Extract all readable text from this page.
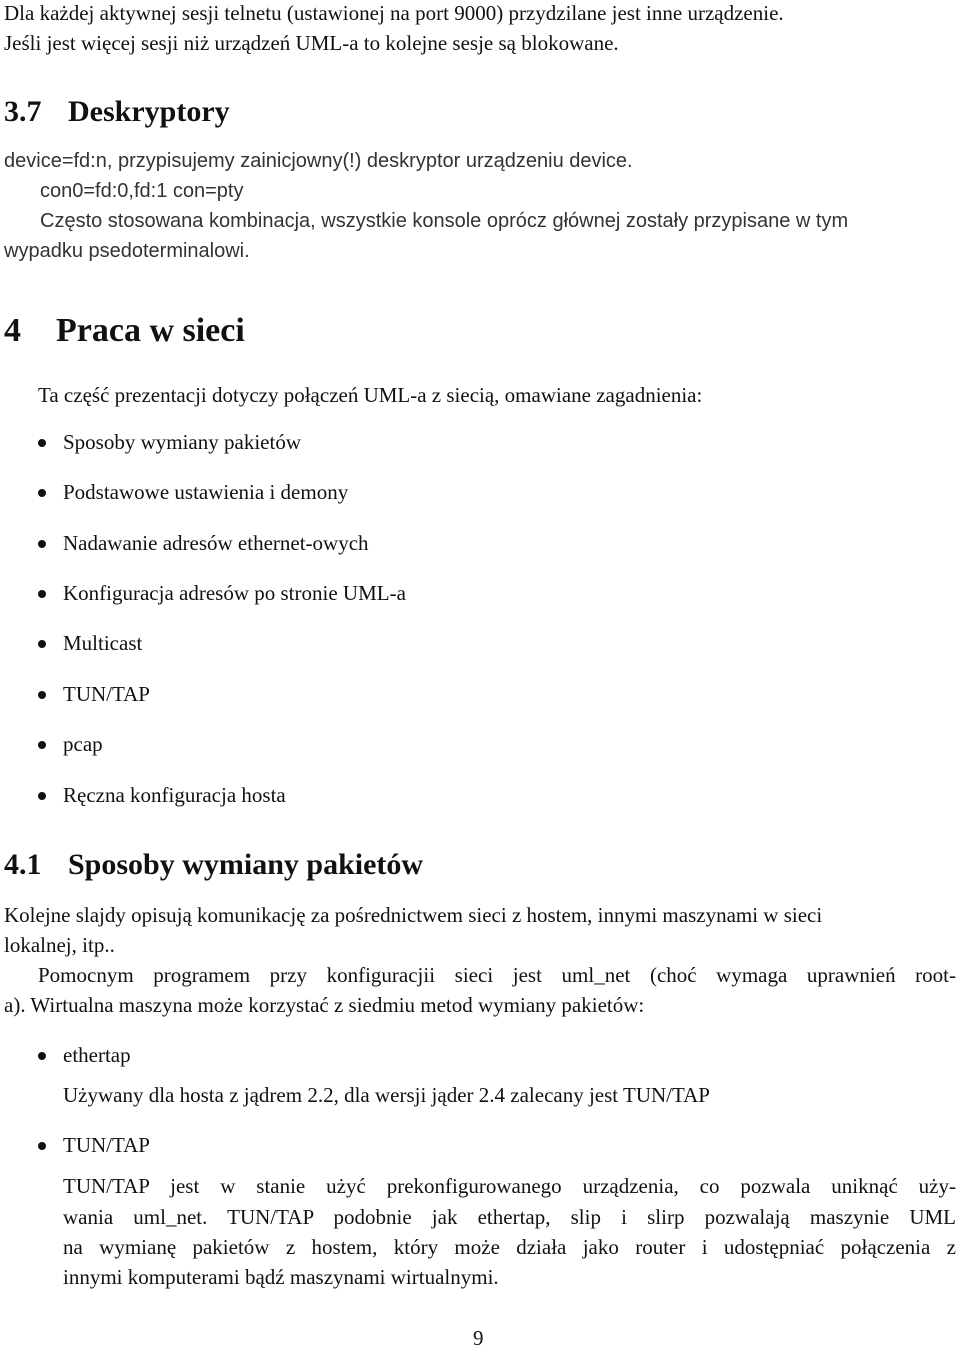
Dla każdej aktywnej sesji telnetu (ustawionej na port 9000) przydzilane jest inne urządzenie.
Jeśli jest więcej sesji niż urządzeń UML-a to kolejne sesje są blokowane.
3.7 Deskryptory
device=fd:n, przypisujemy zainicjowny(!) deskryptor urządzeniu device.
con0=fd:0,fd:1 con=pty
Często stosowana kombinacja, wszystkie konsole oprócz głównej zostały przypisane w tym
wypadku psedoterminalowi.
4 Praca w sieci
Ta część prezentacji dotyczy połączeń UML-a z siecią, omawiane zagadnienia:
Sposoby wymiany pakietów
Podstawowe ustawienia i demony
Nadawanie adresów ethernet-owych
Konfiguracja adresów po stronie UML-a
Multicast
TUN/TAP
pcap
Ręczna konfiguracja hosta
4.1 Sposoby wymiany pakietów
Kolejne slajdy opisują komunikację za pośrednictwem sieci z hostem, innymi maszynami w sieci
lokalnej, itp..
Pomocnym programem przy konfiguracjii sieci jest uml_net (choć wymaga uprawnień root-
a). Wirtualna maszyna może korzystać z siedmiu metod wymiany pakietów:
ethertap
Używany dla hosta z jądrem 2.2, dla wersji jąder 2.4 zalecany jest TUN/TAP
TUN/TAP
TUN/TAP jest w stanie użyć prekonfigurowanego urządzenia, co pozwala uniknąć uży-
wania uml_net. TUN/TAP podobnie jak ethertap, slip i slirp pozwalają maszynie UML
na wymianę pakietów z hostem, który może działa jako router i udostępniać połączenia z
innymi komputerami bądź maszynami wirtualnymi.
9
